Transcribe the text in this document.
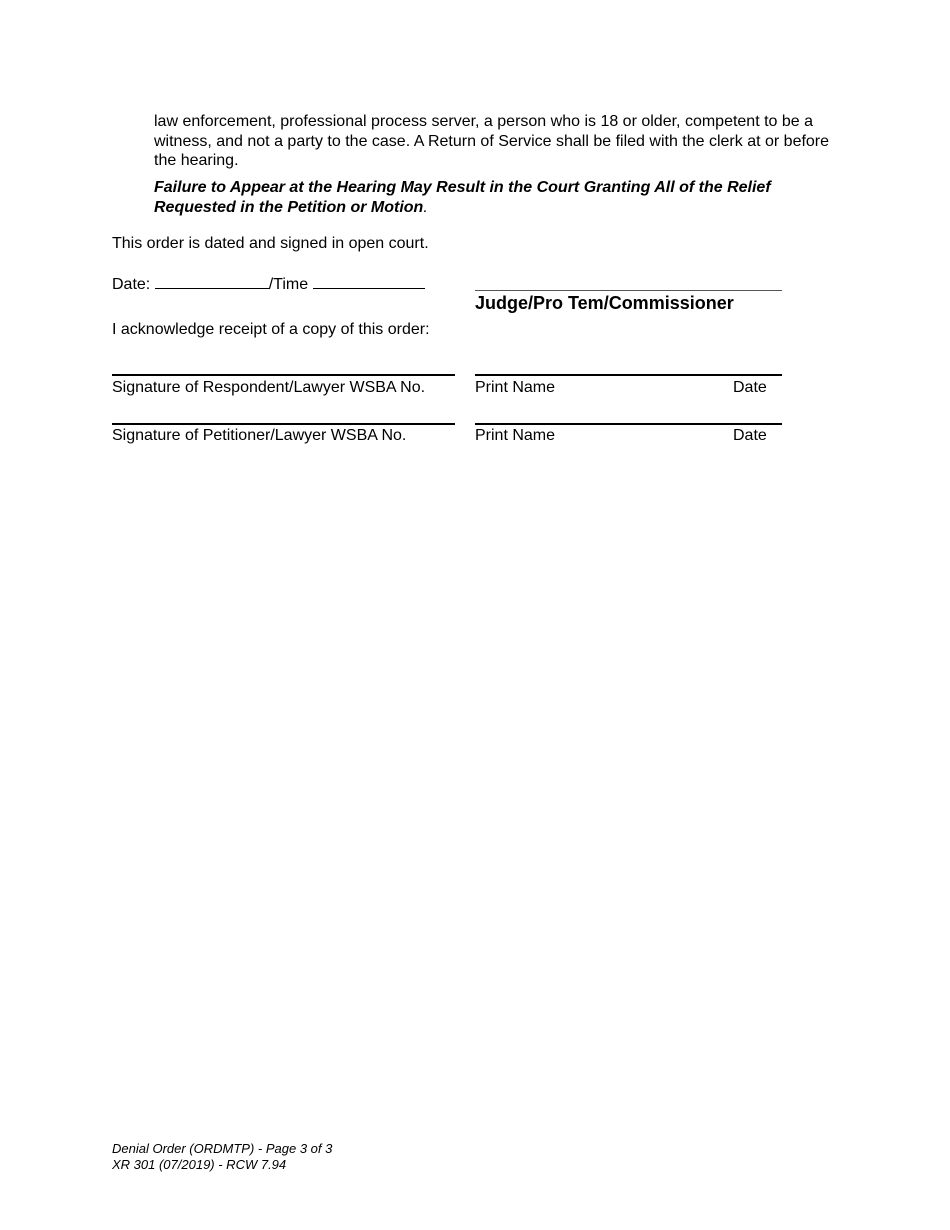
law enforcement, professional process server, a person who is 18 or older, competent to be a witness, and not a party to the case. A Return of Service shall be filed with the clerk at or before the hearing.
Failure to Appear at the Hearing May Result in the Court Granting All of the Relief Requested in the Petition or Motion.
This order is dated and signed in open court.
Date:	/Time
Judge/Pro Tem/Commissioner
I acknowledge receipt of a copy of this order:
Signature of Respondent/Lawyer WSBA No.	Print Name	Date
Signature of Petitioner/Lawyer WSBA No.	Print Name	Date
Denial Order (ORDMTP) - Page 3 of 3
XR 301 (07/2019) - RCW 7.94
